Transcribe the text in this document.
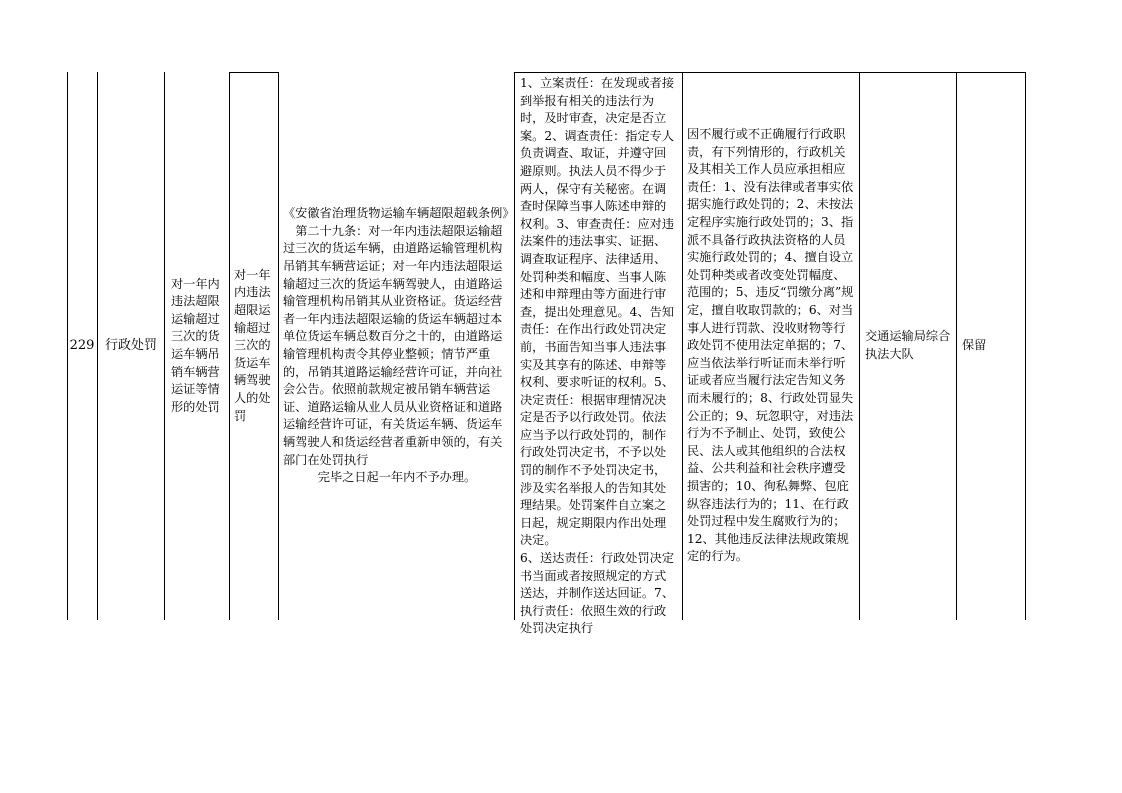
229 行政处罚
对一年内违法超限运输超过三次的货运车辆吊销车辆营运证等情形的处罚
对一年内违法超限运输超过三次的货运车辆驾驶人的处罚

《安徽省治理货物运输车辆超限超载条例》

第二十九条：对一年内违法超限运输超过三次的货运车辆，由道路运输管理机构吊销其车辆营运证；对一年内违法超限运输超过三次的货运车辆驾驶人，由道路运输管理机构吊销其从业资格证。货运经营者一年内违法超限运输的货运车辆超过本单位货运车辆总数百分之十的，由道路运输管理机构责令其停业整顿；情节严重的，吊销其道路运输经营许可证，并向社会公告。依照前款规定被吊销车辆营运证、道路运输从业人员从业资格证和道路运输经营许可证，有关货运车辆、货运车辆驾驶人和货运经营者重新申领的，有关部门在处罚执行

完毕之日起一年内不予办理。

1、立案责任：在发现或者接到举报有相关的违法行为时，及时审查，决定是否立案。2、调查责任：指定专人负责调查、取证，并遵守回避原则。执法人员不得少于两人，保守有关秘密。在调查时保障当事人陈述申辩的权利。3、审查责任：应对违法案件的违法事实、证据、调查取证程序、法律适用、处罚种类和幅度、当事人陈述和申辩理由等方面进行审查，提出处理意见。4、告知责任：在作出行政处罚决定前，书面告知当事人违法事实及其享有的陈述、申辩等权利、要求听证的权利。5、决定责任：根据审理情况决定是否予以行政处罚。依法应当予以行政处罚的，制作行政处罚决定书，不予以处罚的制作不予处罚决定书，涉及实名举报人的告知其处理结果。处罚案件自立案之日起，规定期限内作出处理决定。

6、送达责任：行政处罚决定书当面或者按照规定的方式送达，并制作送达回证。7、执行责任：依照生效的行政处罚决定执行

因不履行或不正确履行行政职责，有下列情形的，行政机关及其相关工作人员应承担相应责任：1、没有法律或者事实依据实施行政处罚的；2、未按法定程序实施行政处罚的；3、指派不具备行政执法资格的人员实施行政处罚的；4、擅自设立处罚种类或者改变处罚幅度、范围的；5、违反“罚缴分离”规定，擅自收取罚款的；6、对当事人进行罚款、没收财物等行政处罚不使用法定单据的；7、应当依法举行听证而未举行听证或者应当履行法定告知义务而未履行的；8、行政处罚显失公正的；9、玩忽职守，对违法行为不予制止、处罚，致使公民、法人或其他组织的合法权益、公共利益和社会秩序遭受损害的；10、徇私舞弊、包庇纵容违法行为的；11、在行政处罚过程中发生腐败行为的；12、其他违反法律法规政策规定的行为。
交通运输局综合执法大队
保留
